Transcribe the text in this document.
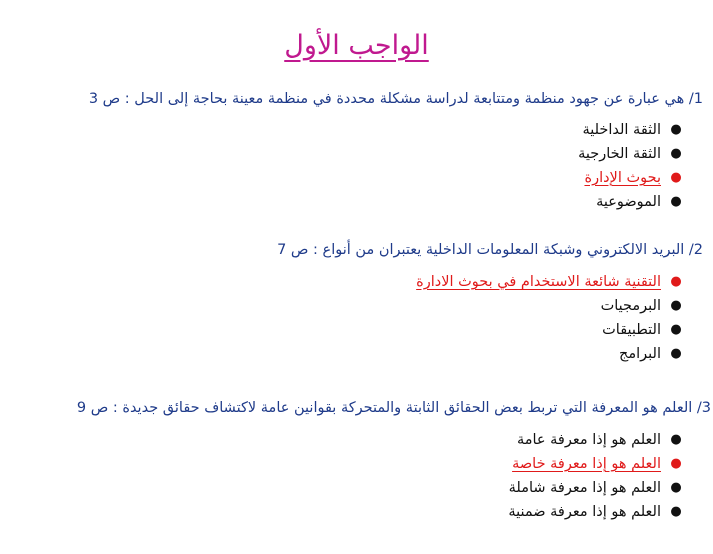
الواجب الأول
1/ هي عبارة عن جهود منظمة ومتتابعة لدراسة مشكلة محددة في منظمة معينة بحاجة إلى الحل : ص 3
●
الثقة الداخلية
●
الثقة الخارجية
●
بحوث الإدارة
●
الموضوعية
2/ البريد الالكتروني وشبكة المعلومات الداخلية يعتبران من أنواع : ص 7
●
التقنية شائعة الاستخدام في بحوث الادارة
●
البرمجيات
●
التطبيقات
●
البرامج
3/ العلم هو المعرفة التي تربط بعض الحقائق الثابتة والمتحركة بقوانين عامة لاكتشاف حقائق جديدة : ص 9
●
العلم هو إذا معرفة عامة
●
العلم هو إذا معرفة خاصة
●
العلم هو إذا معرفة شاملة
●
العلم هو إذا معرفة ضمنية
